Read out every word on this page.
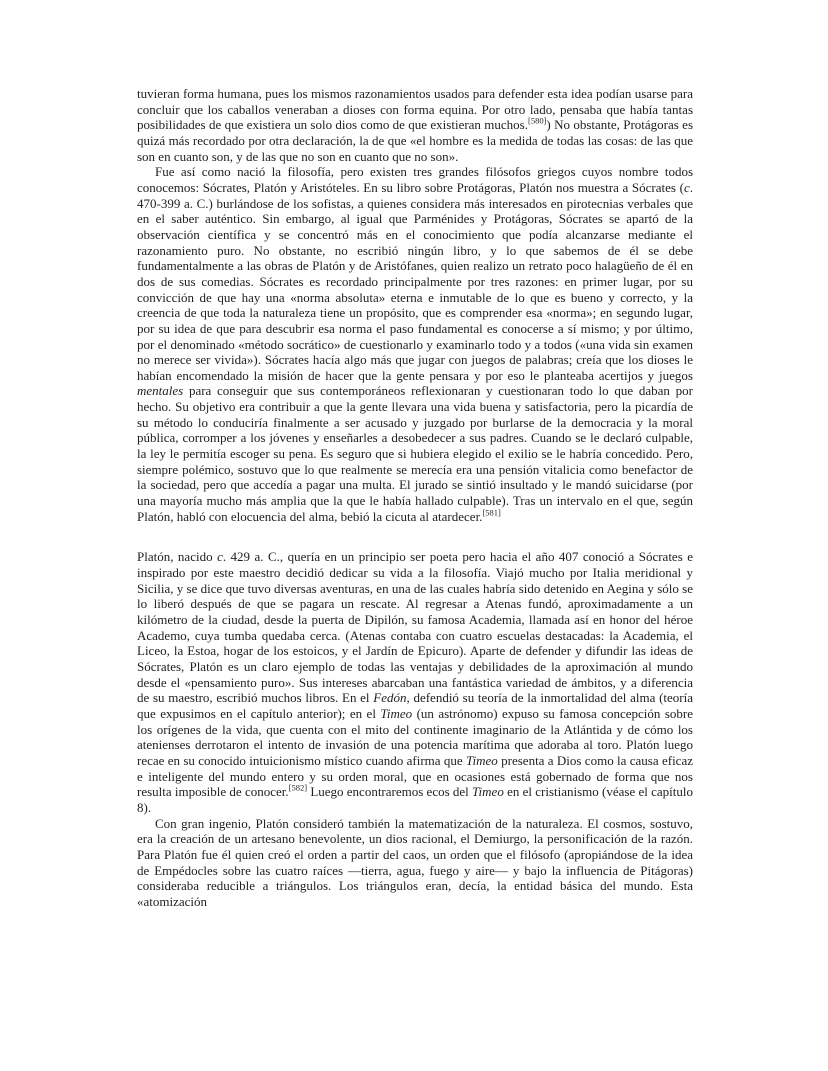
tuvieran forma humana, pues los mismos razonamientos usados para defender esta idea podían usarse para concluir que los caballos veneraban a dioses con forma equina. Por otro lado, pensaba que había tantas posibilidades de que existiera un solo dios como de que existieran muchos.[580]) No obstante, Protágoras es quizá más recordado por otra declaración, la de que «el hombre es la medida de todas las cosas: de las que son en cuanto son, y de las que no son en cuanto que no son».

Fue así como nació la filosofía, pero existen tres grandes filósofos griegos cuyos nombre todos conocemos: Sócrates, Platón y Aristóteles. En su libro sobre Protágoras, Platón nos muestra a Sócrates (c. 470-399 a. C.) burlándose de los sofistas, a quienes considera más interesados en pirotecnias verbales que en el saber auténtico. Sin embargo, al igual que Parménides y Protágoras, Sócrates se apartó de la observación científica y se concentró más en el conocimiento que podía alcanzarse mediante el razonamiento puro. No obstante, no escribió ningún libro, y lo que sabemos de él se debe fundamentalmente a las obras de Platón y de Aristófanes, quien realizo un retrato poco halagüeño de él en dos de sus comedias. Sócrates es recordado principalmente por tres razones: en primer lugar, por su convicción de que hay una «norma absoluta» eterna e inmutable de lo que es bueno y correcto, y la creencia de que toda la naturaleza tiene un propósito, que es comprender esa «norma»; en segundo lugar, por su idea de que para descubrir esa norma el paso fundamental es conocerse a sí mismo; y por último, por el denominado «método socrático» de cuestionarlo y examinarlo todo y a todos («una vida sin examen no merece ser vivida»). Sócrates hacía algo más que jugar con juegos de palabras; creía que los dioses le habían encomendado la misión de hacer que la gente pensara y por eso le planteaba acertijos y juegos mentales para conseguir que sus contemporáneos reflexionaran y cuestionaran todo lo que daban por hecho. Su objetivo era contribuir a que la gente llevara una vida buena y satisfactoria, pero la picardía de su método lo conduciría finalmente a ser acusado y juzgado por burlarse de la democracia y la moral pública, corromper a los jóvenes y enseñarles a desobedecer a sus padres. Cuando se le declaró culpable, la ley le permitía escoger su pena. Es seguro que si hubiera elegido el exilio se le habría concedido. Pero, siempre polémico, sostuvo que lo que realmente se merecía era una pensión vitalicia como benefactor de la sociedad, pero que accedía a pagar una multa. El jurado se sintió insultado y le mandó suicidarse (por una mayoría mucho más amplia que la que le había hallado culpable). Tras un intervalo en el que, según Platón, habló con elocuencia del alma, bebió la cicuta al atardecer.[581]

Platón, nacido c. 429 a. C., quería en un principio ser poeta pero hacia el año 407 conoció a Sócrates e inspirado por este maestro decidió dedicar su vida a la filosofía. Viajó mucho por Italia meridional y Sicilia, y se dice que tuvo diversas aventuras, en una de las cuales habría sido detenido en Aegina y sólo se lo liberó después de que se pagara un rescate. Al regresar a Atenas fundó, aproximadamente a un kilómetro de la ciudad, desde la puerta de Dipilón, su famosa Academia, llamada así en honor del héroe Academo, cuya tumba quedaba cerca. (Atenas contaba con cuatro escuelas destacadas: la Academia, el Liceo, la Estoa, hogar de los estoicos, y el Jardín de Epicuro). Aparte de defender y difundir las ideas de Sócrates, Platón es un claro ejemplo de todas las ventajas y debilidades de la aproximación al mundo desde el «pensamiento puro». Sus intereses abarcaban una fantástica variedad de ámbitos, y a diferencia de su maestro, escribió muchos libros. En el Fedón, defendió su teoría de la inmortalidad del alma (teoría que expusimos en el capítulo anterior); en el Timeo (un astrónomo) expuso su famosa concepción sobre los orígenes de la vida, que cuenta con el mito del continente imaginario de la Atlántida y de cómo los atenienses derrotaron el intento de invasión de una potencia marítima que adoraba al toro. Platón luego recae en su conocido intuicionismo místico cuando afirma que Timeo presenta a Dios como la causa eficaz e inteligente del mundo entero y su orden moral, que en ocasiones está gobernado de forma que nos resulta imposible de conocer.[582] Luego encontraremos ecos del Timeo en el cristianismo (véase el capítulo 8).

Con gran ingenio, Platón consideró también la matematización de la naturaleza. El cosmos, sostuvo, era la creación de un artesano benevolente, un dios racional, el Demiurgo, la personificación de la razón. Para Platón fue él quien creó el orden a partir del caos, un orden que el filósofo (apropiándose de la idea de Empédocles sobre las cuatro raíces —tierra, agua, fuego y aire— y bajo la influencia de Pitágoras) consideraba reducible a triángulos. Los triángulos eran, decía, la entidad básica del mundo. Esta «atomización
